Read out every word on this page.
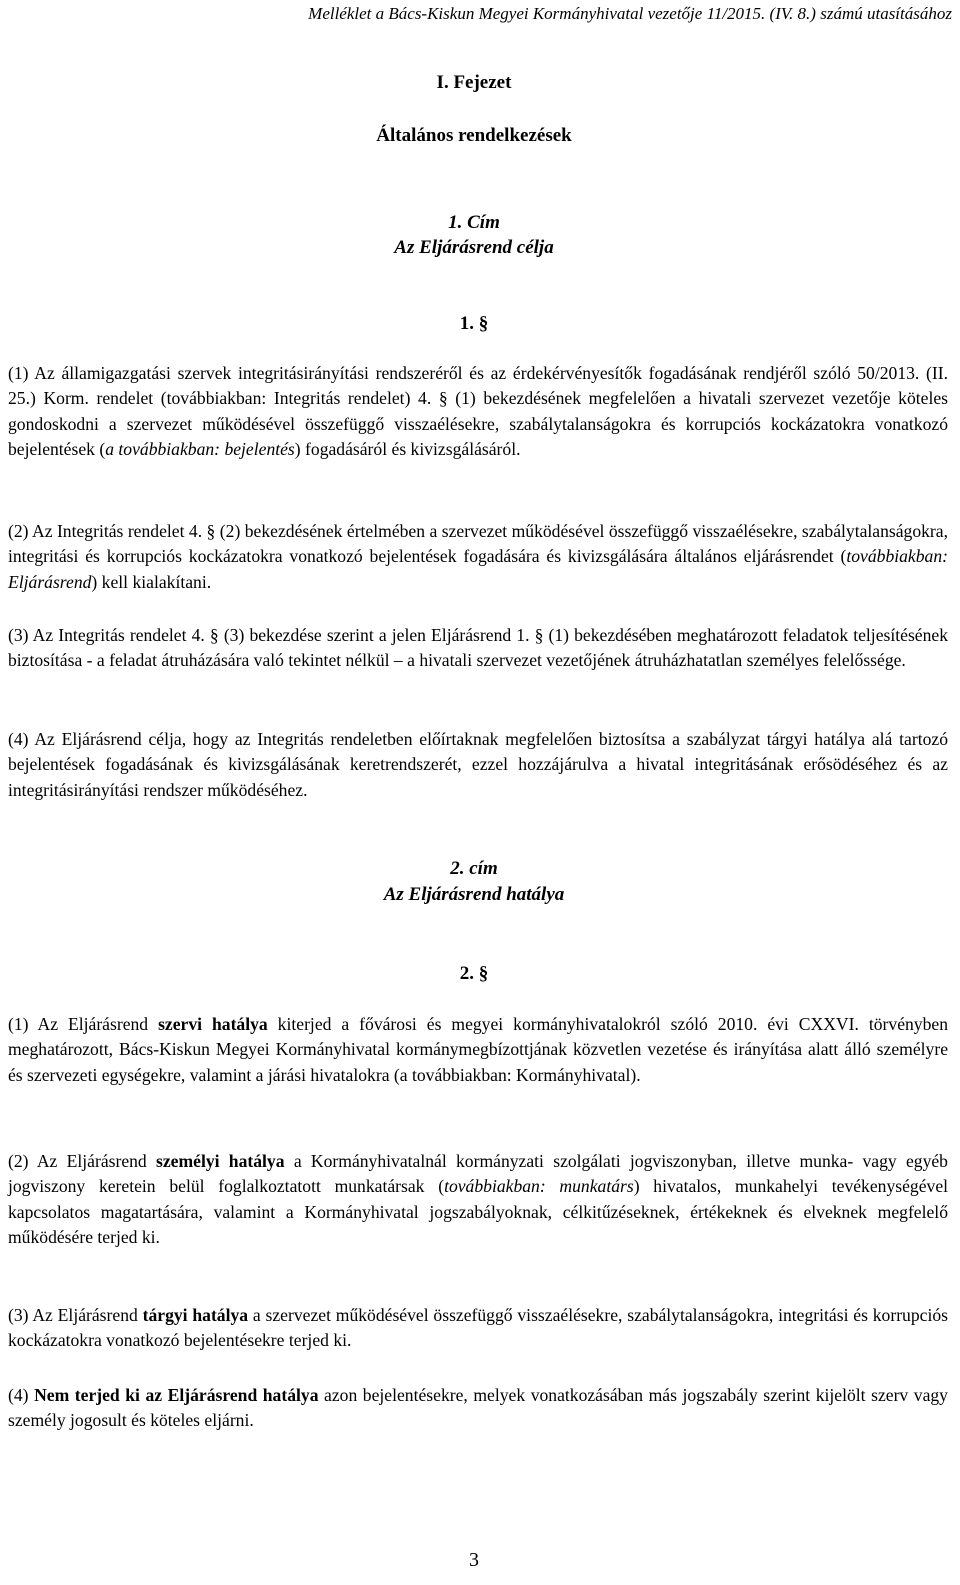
Melléklet a Bács-Kiskun Megyei Kormányhivatal vezetője 11/2015. (IV. 8.) számú utasításához
I. Fejezet
Általános rendelkezések
1. Cím
Az Eljárásrend célja
1. §
(1) Az államigazgatási szervek integritásirányítási rendszeréről és az érdekérvényesítők fogadásának rendjéről szóló 50/2013. (II. 25.) Korm. rendelet (továbbiakban: Integritás rendelet) 4. § (1) bekezdésének megfelelően a hivatali szervezet vezetője köteles gondoskodni a szervezet működésével összefüggő visszaélésekre, szabálytalanságokra és korrupciós kockázatokra vonatkozó bejelentések (a továbbiakban: bejelentés) fogadásáról és kivizsgálásáról.
(2) Az Integritás rendelet 4. § (2) bekezdésének értelmében a szervezet működésével összefüggő visszaélésekre, szabálytalanságokra, integritási és korrupciós kockázatokra vonatkozó bejelentések fogadására és kivizsgálására általános eljárásrendet (továbbiakban: Eljárásrend) kell kialakítani.
(3) Az Integritás rendelet 4. § (3) bekezdése szerint a jelen Eljárásrend 1. § (1) bekezdésében meghatározott feladatok teljesítésének biztosítása - a feladat átruházására való tekintet nélkül – a hivatali szervezet vezetőjének átruházhatatlan személyes felelőssége.
(4) Az Eljárásrend célja, hogy az Integritás rendeletben előírtaknak megfelelően biztosítsa a szabályzat tárgyi hatálya alá tartozó bejelentések fogadásának és kivizsgálásának keretrendszerét, ezzel hozzájárulva a hivatal integritásának erősödéséhez és az integritásirányítási rendszer működéséhez.
2. cím
Az Eljárásrend hatálya
2. §
(1) Az Eljárásrend szervi hatálya kiterjed a fővárosi és megyei kormányhivatalokról szóló 2010. évi CXXVI. törvényben meghatározott, Bács-Kiskun Megyei Kormányhivatal kormánymegbízottjának közvetlen vezetése és irányítása alatt álló személyre és szervezeti egységekre, valamint a járási hivatalokra (a továbbiakban: Kormányhivatal).
(2) Az Eljárásrend személyi hatálya a Kormányhivatalnál kormányzati szolgálati jogviszonyban, illetve munka- vagy egyéb jogviszony keretein belül foglalkoztatott munkatársak (továbbiakban: munkatárs) hivatalos, munkahelyi tevékenységével kapcsolatos magatartására, valamint a Kormányhivatal jogszabályoknak, célkitűzéseknek, értékeknek és elveknek megfelelő működésére terjed ki.
(3) Az Eljárásrend tárgyi hatálya a szervezet működésével összefüggő visszaélésekre, szabálytalanságokra, integritási és korrupciós kockázatokra vonatkozó bejelentésekre terjed ki.
(4) Nem terjed ki az Eljárásrend hatálya azon bejelentésekre, melyek vonatkozásában más jogszabály szerint kijelölt szerv vagy személy jogosult és köteles eljárni.
3
